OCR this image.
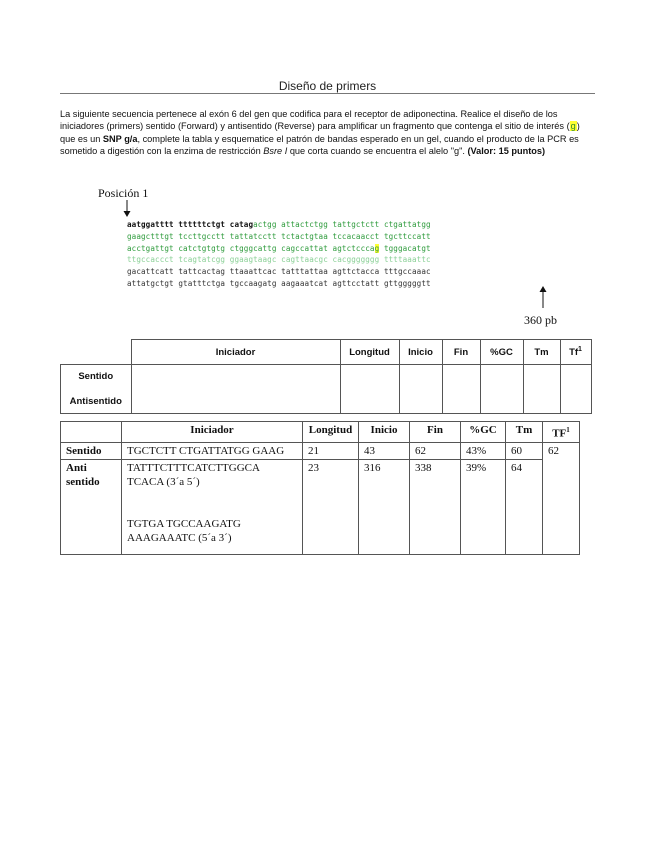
Diseño de primers
La siguiente secuencia pertenece al exón 6 del gen que codifica para el receptor de adiponectina. Realice el diseño de los iniciadores (primers) sentido (Forward) y antisentido (Reverse) para amplificar un fragmento que contenga el sitio de interés (g) que es un SNP g/a, complete la tabla y esquematice el patrón de bandas esperado en un gel, cuando el producto de la PCR es sometido a digestión con la enzima de restricción Bsre I que corta cuando se encuentra el alelo "g". (Valor: 15 puntos)
Posición 1
aatggatttt ttttttctgt catagactgg attactctgg tattgctctt ctgattatgg
gaagctttgt tccttgcctt tattatcctt tctactgtaa tccacaacct tgcttccatt
acctgattgt catctgtgtg ctgggcattg cagccattat agtctcccag tgggacatgt
ttgccaccct tcagtatcgg ggaagtaagc cagttaacgc cacggggggg ttttaaattc
gacattcatt tattcactag ttaaattcac tatttattaa agttctacca tttgccaaac
attatgctgt gtatttctga tgccaagatg aagaaatcat agttcctatt gttgggggtt
360 pb
	Iniciador	Longitud	Inicio	Fin	%GC	Tm	Tf$^1$

Sentido
Antisentido							

	Iniciador	Longitud	Inicio	Fin	%GC	Tm	$TF^1$
Sentido	TGCTCTT CTGATTATGG GAAG	21	43	62	43%	60	62
Anti sentido	TATTTCTTTCATCTTGGCA TCACA (3´a 5´)
TGTGA TGCCAAGATG AAAGAAATC (5´a 3´)	23	316	338	39%	64	
